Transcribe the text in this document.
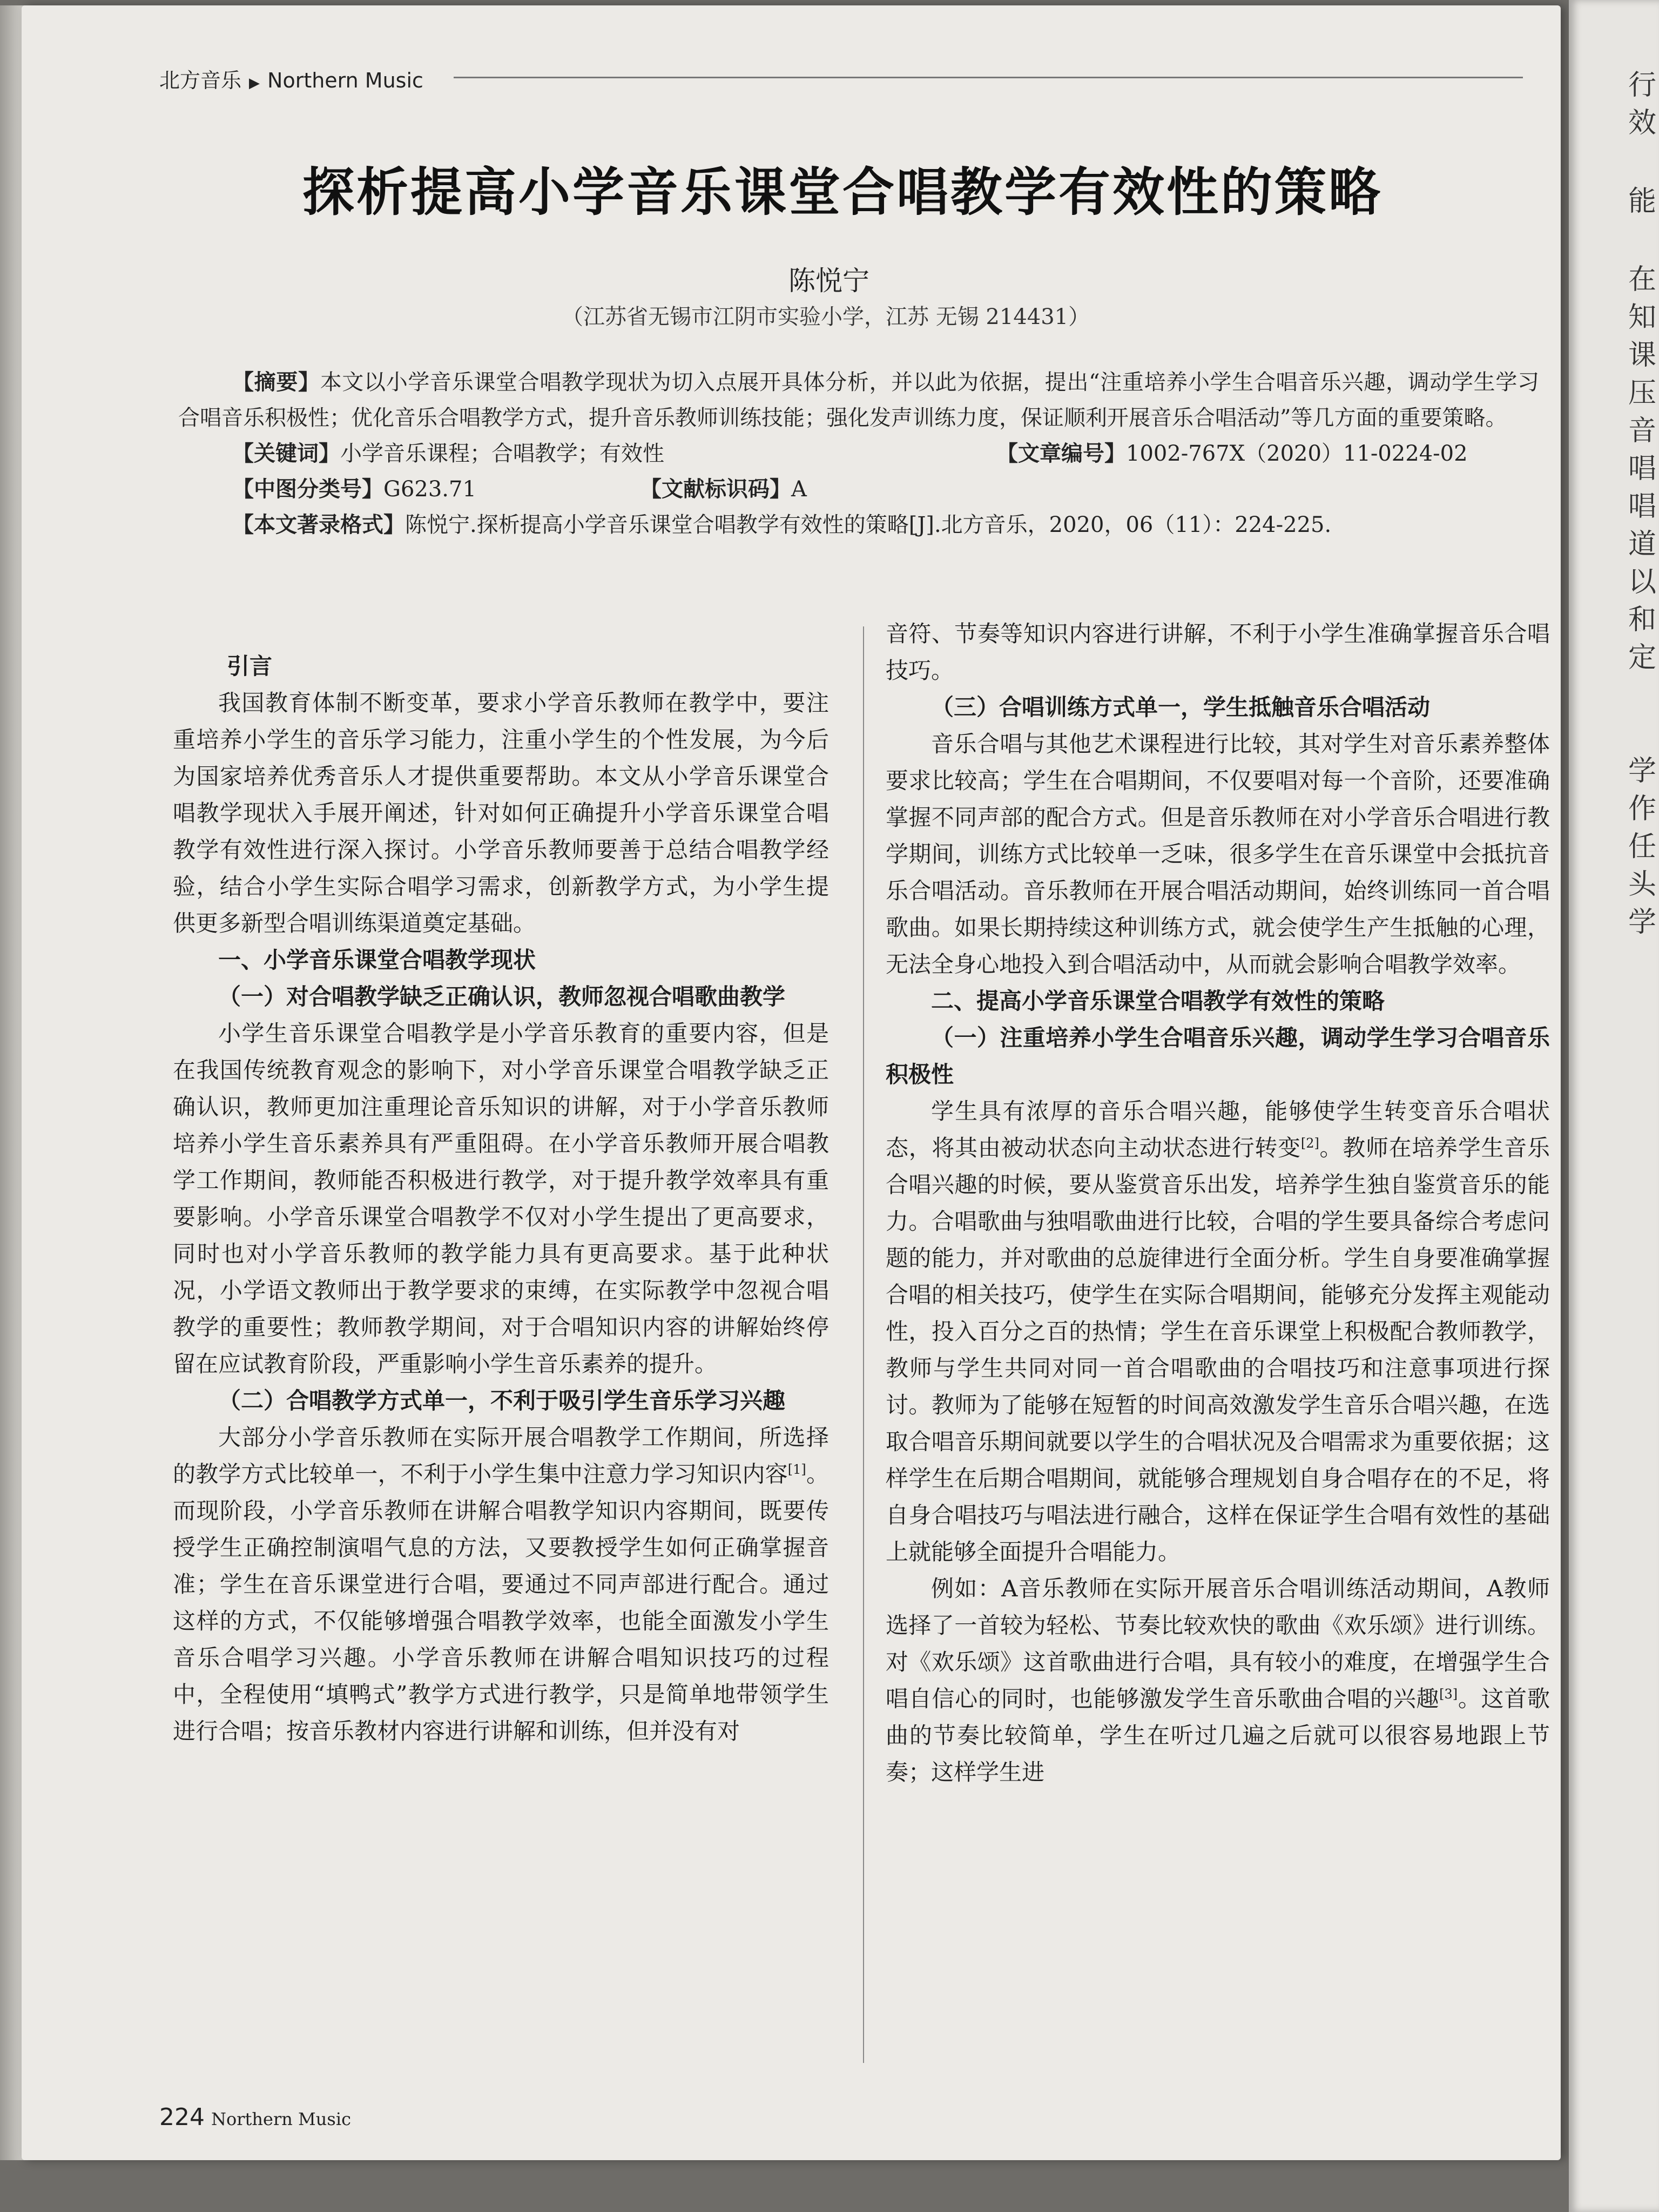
北方音乐 ▶ Northern Music
探析提高小学音乐课堂合唱教学有效性的策略
陈悦宁
（江苏省无锡市江阴市实验小学，江苏 无锡 214431）
【摘要】本文以小学音乐课堂合唱教学现状为切入点展开具体分析，并以此为依据，提出“注重培养小学生合唱音乐兴趣，调动学生学习合唱音乐积极性；优化音乐合唱教学方式，提升音乐教师训练技能；强化发声训练力度，保证顺利开展音乐合唱活动”等几方面的重要策略。
【关键词】小学音乐课程；合唱教学；有效性	【文章编号】1002-767X（2020）11-0224-02
【中图分类号】G623.71	【文献标识码】A
【本文著录格式】陈悦宁.探析提高小学音乐课堂合唱教学有效性的策略[J].北方音乐，2020，06（11）：224-225.
引言

我国教育体制不断变革，要求小学音乐教师在教学中，要注重培养小学生的音乐学习能力，注重小学生的个性发展，为今后为国家培养优秀音乐人才提供重要帮助。本文从小学音乐课堂合唱教学现状入手展开阐述，针对如何正确提升小学音乐课堂合唱教学有效性进行深入探讨。小学音乐教师要善于总结合唱教学经验，结合小学生实际合唱学习需求，创新教学方式，为小学生提供更多新型合唱训练渠道奠定基础。

一、小学音乐课堂合唱教学现状
（一）对合唱教学缺乏正确认识，教师忽视合唱歌曲教学

小学生音乐课堂合唱教学是小学音乐教育的重要内容，但是在我国传统教育观念的影响下，对小学音乐课堂合唱教学缺乏正确认识，教师更加注重理论音乐知识的讲解，对于小学音乐教师培养小学生音乐素养具有严重阻碍。在小学音乐教师开展合唱教学工作期间，教师能否积极进行教学，对于提升教学效率具有重要影响。小学音乐课堂合唱教学不仅对小学生提出了更高要求，同时也对小学音乐教师的教学能力具有更高要求。基于此种状况，小学语文教师出于教学要求的束缚，在实际教学中忽视合唱教学的重要性；教师教学期间，对于合唱知识内容的讲解始终停留在应试教育阶段，严重影响小学生音乐素养的提升。

（二）合唱教学方式单一，不利于吸引学生音乐学习兴趣

大部分小学音乐教师在实际开展合唱教学工作期间，所选择的教学方式比较单一，不利于小学生集中注意力学习知识内容[1]。而现阶段，小学音乐教师在讲解合唱教学知识内容期间，既要传授学生正确控制演唱气息的方法，又要教授学生如何正确掌握音准；学生在音乐课堂进行合唱，要通过不同声部进行配合。通过这样的方式，不仅能够增强合唱教学效率，也能全面激发小学生音乐合唱学习兴趣。小学音乐教师在讲解合唱知识技巧的过程中，全程使用“填鸭式”教学方式进行教学，只是简单地带领学生进行合唱；按音乐教材内容进行讲解和训练，但并没有对

音符、节奏等知识内容进行讲解，不利于小学生准确掌握音乐合唱技巧。

（三）合唱训练方式单一，学生抵触音乐合唱活动

音乐合唱与其他艺术课程进行比较，其对学生对音乐素养整体要求比较高；学生在合唱期间，不仅要唱对每一个音阶，还要准确掌握不同声部的配合方式。但是音乐教师在对小学音乐合唱进行教学期间，训练方式比较单一乏味，很多学生在音乐课堂中会抵抗音乐合唱活动。音乐教师在开展合唱活动期间，始终训练同一首合唱歌曲。如果长期持续这种训练方式，就会使学生产生抵触的心理，无法全身心地投入到合唱活动中，从而就会影响合唱教学效率。

二、提高小学音乐课堂合唱教学有效性的策略
（一）注重培养小学生合唱音乐兴趣，调动学生学习合唱音乐积极性

学生具有浓厚的音乐合唱兴趣，能够使学生转变音乐合唱状态，将其由被动状态向主动状态进行转变[2]。教师在培养学生音乐合唱兴趣的时候，要从鉴赏音乐出发，培养学生独自鉴赏音乐的能力。合唱歌曲与独唱歌曲进行比较，合唱的学生要具备综合考虑问题的能力，并对歌曲的总旋律进行全面分析。学生自身要准确掌握合唱的相关技巧，使学生在实际合唱期间，能够充分发挥主观能动性，投入百分之百的热情；学生在音乐课堂上积极配合教师教学，教师与学生共同对同一首合唱歌曲的合唱技巧和注意事项进行探讨。教师为了能够在短暂的时间高效激发学生音乐合唱兴趣，在选取合唱音乐期间就要以学生的合唱状况及合唱需求为重要依据；这样学生在后期合唱期间，就能够合理规划自身合唱存在的不足，将自身合唱技巧与唱法进行融合，这样在保证学生合唱有效性的基础上就能够全面提升合唱能力。

例如：A音乐教师在实际开展音乐合唱训练活动期间，A教师选择了一首较为轻松、节奏比较欢快的歌曲《欢乐颂》进行训练。对《欢乐颂》这首歌曲进行合唱，具有较小的难度，在增强学生合唱自信心的同时，也能够激发学生音乐歌曲合唱的兴趣[3]。这首歌曲的节奏比较简单，学生在听过几遍之后就可以很容易地跟上节奏；这样学生进

224 Northern Music
行
效
能
在
知
课
压
音
唱
唱
道
以
和
定
学
作
任
头
学
